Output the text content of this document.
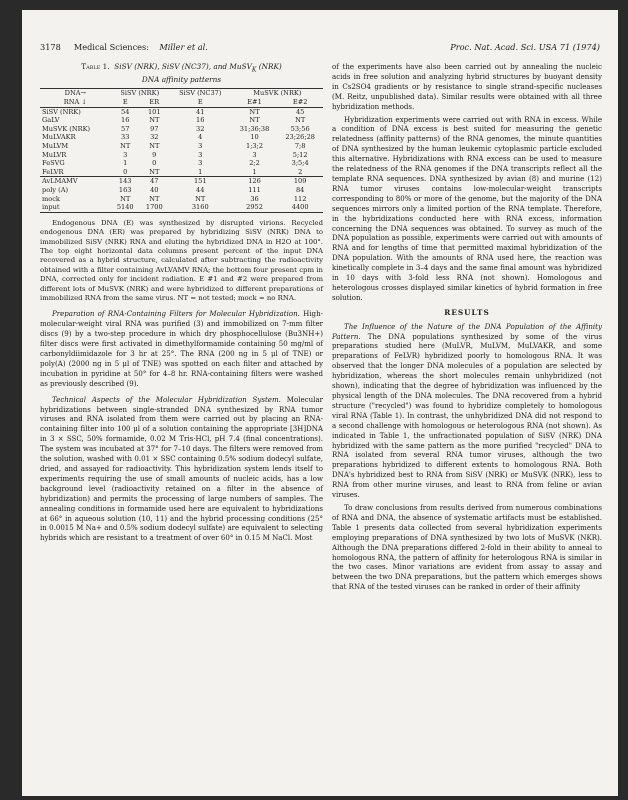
3178 Medical Sciences: Miller et al.	Proc. Nat. Acad. Sci. USA 71 (1974)
Table 1. SiSV (NRK), SiSV (NC37), and MuSV$_K$ (NRK)
DNA affinity patterns
DNA→	SiSV (NRK)		SiSV (NC37)	MuSVK (NRK)	
RNA ↓	E	ER	E	E#1	E#2
SiSV (NRK)	54	101	41	NT	45
GaLV	16	NT	16	NT	NT
MuSVK (NRK)	57	97	32	31;36;38	53;56
MuLVAKR	33	32	4	10	23;26;28
MuLVM	NT	NT	3	1;3;2	7;8
MuLVR	3	9	3	3	5;12
FeSVG	1	0	3	2;2	3;5;4
FeLVR	0	NT	1	1	2
AvLMAMV	143	47	151	126	109
poly (A)	163	40	44	111	84
mock	NT	NT	NT	36	112
input	5140	1700	3160	2952	4400

Endogenous DNA (E) was synthesized by disrupted virions. Recycled endogenous DNA (ER) was prepared by hybridizing SiSV (NRK) DNA to immobilized SiSV (NRK) RNA and eluting the hybridized DNA in H2O at 100°. The top eight horizontal data columns present percent of the input DNA recovered as a hybrid structure, calculated after subtracting the radioactivity obtained with a filter containing AvLVAMV RNA; the bottom four present cpm in DNA, corrected only for incident radiation. E #1 and #2 were prepared from different lots of MuSVK (NRK) and were hybridized to different preparations of immobilized RNA from the same virus. NT = not tested; mock = no RNA.

Preparation of RNA-Containing Filters for Molecular Hybridization. High-molecular-weight viral RNA was purified (3) and immobilized on 7-mm filter discs (9) by a two-step procedure in which dry phosphocellulose (Bu3NH+) filter discs were first activated in dimethylformamide containing 50 mg/ml of carbonyldiimidazole for 3 hr at 25°. The RNA (200 ng in 5 μl of TNE) or poly(A) (2000 ng in 5 μl of TNE) was spotted on each filter and attached by incubation in pyridine at 50° for 4–8 hr. RNA-containing filters were washed as previously described (9).

Technical Aspects of the Molecular Hybridization System. Molecular hybridizations between single-stranded DNA synthesized by RNA tumor viruses and RNA isolated from them were carried out by placing an RNA-containing filter into 100 μl of a solution containing the appropriate [3H]DNA in 3 × SSC, 50% formamide, 0.02 M Tris·HCl, pH 7.4 (final concentrations). The system was incubated at 37° for 7–10 days. The filters were removed from the solution, washed with 0.01 × SSC containing 0.5% sodium dodecyl sulfate, dried, and assayed for radioactivity. This hybridization system lends itself to experiments requiring the use of small amounts of nucleic acids, has a low background level (radioactivity retained on a filter in the absence of hybridization) and permits the processing of large numbers of samples. The annealing conditions in formamide used here are equivalent to hybridizations at 66° in aqueous solution (10, 11) and the hybrid processing conditions (25° in 0.0015 M Na+ and 0.5% sodium dodecyl sulfate) are equivalent to selecting hybrids which are resistant to a treatment of over 60° in 0.15 M NaCl. Most

of the experiments have also been carried out by annealing the nucleic acids in free solution and analyzing hybrid structures by buoyant density in Cs2SO4 gradients or by resistance to single strand-specific nucleases (M. Reitz, unpublished data). Similar results were obtained with all three hybridization methods.

Hybridization experiments were carried out with RNA in excess. While a condition of DNA excess is best suited for measuring the genetic relatedness (affinity patterns) of the RNA genomes, the minute quantities of DNA synthesized by the human leukemic cytoplasmic particle excluded this alternative. Hybridizations with RNA excess can be used to measure the relatedness of the RNA genomes if the DNA transcripts reflect all the template RNA sequences. DNA synthesized by avian (8) and murine (12) RNA tumor viruses contains low-molecular-weight transcripts corresponding to 80% or more of the genome, but the majority of the DNA sequences mirrors only a limited portion of the RNA template. Therefore, in the hybridizations conducted here with RNA excess, information concerning the DNA sequences was obtained. To survey as much of the DNA population as possible, experiments were carried out with amounts of RNA and for lengths of time that permitted maximal hybridization of the DNA population. With the amounts of RNA used here, the reaction was kinetically complete in 3–4 days and the same final amount was hybridized in 10 days with 3-fold less RNA (not shown). Homologous and heterologous crosses displayed similar kinetics of hybrid formation in free solution.

RESULTS

The Influence of the Nature of the DNA Population of the Affinity Pattern. The DNA populations synthesized by some of the virus preparations studied here (MuLVR, MuLVM, MuLVAKR, and some preparations of FeLVR) hybridized poorly to homologous RNA. It was observed that the longer DNA molecules of a population are selected by hybridization, whereas the short molecules remain unhybridized (not shown), indicating that the degree of hybridization was influenced by the physical length of the DNA molecules. The DNA recovered from a hybrid structure ("recycled") was found to hybridize completely to homologous viral RNA (Table 1). In contrast, the unhybridized DNA did not respond to a second challenge with homologous or heterologous RNA (not shown). As indicated in Table 1, the unfractionated population of SiSV (NRK) DNA hybridized with the same pattern as the more purified "recycled" DNA to RNA isolated from several RNA tumor viruses, although the two preparations hybridized to different extents to homologous RNA. Both DNA's hybridized best to RNA from SiSV (NRK) or MuSVK (NRK), less to RNA from other murine viruses, and least to RNA from feline or avian viruses.

To draw conclusions from results derived from numerous combinations of RNA and DNA, the absence of systematic artifacts must be established. Table 1 presents data collected from several hybridization experiments employing preparations of DNA synthesized by two lots of MuSVK (NKR). Although the DNA preparations differed 2-fold in their ability to anneal to homologous RNA, the pattern of affinity for heterologous RNA is similar in the two cases. Minor variations are evident from assay to assay and between the two DNA preparations, but the pattern which emerges shows that RNA of the tested viruses can be ranked in order of their affinity
